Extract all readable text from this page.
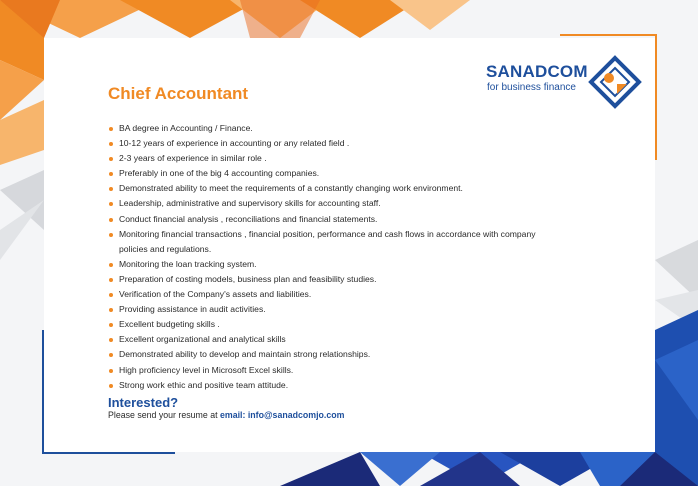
Chief Accountant
SANADCOM
for business finance
BA degree in Accounting / Finance.
10-12 years of experience in accounting or any related field .
2-3 years of experience in similar role .
Preferably in one of the big 4 accounting companies.
Demonstrated ability to meet the requirements of a constantly changing work environment.
Leadership, administrative and supervisory skills for accounting staff.
Conduct financial analysis , reconciliations and financial statements.
Monitoring financial transactions , financial position, performance and cash flows in accordance with company policies and regulations.
Monitoring the loan tracking system.
Preparation of costing models, business plan and feasibility studies.
Verification of the Company's assets and liabilities.
Providing assistance in audit activities.
Excellent budgeting skills .
Excellent organizational and analytical skills
Demonstrated ability to develop and maintain strong relationships.
High proficiency level in Microsoft Excel skills.
Strong work ethic and positive team attitude.
Interested?
Please send your resume at email: info@sanadcomjo.com
